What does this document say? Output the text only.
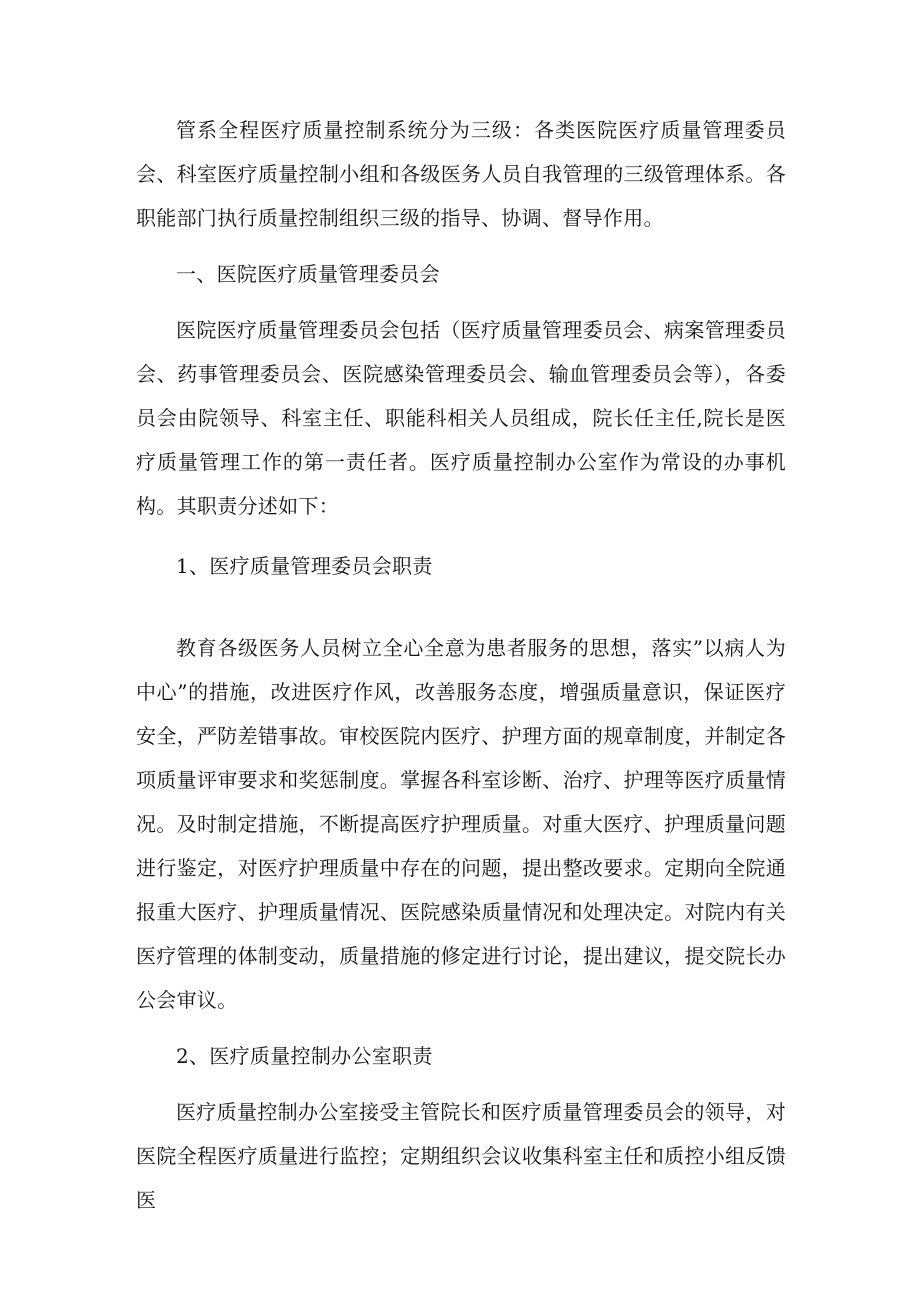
管系全程医疗质量控制系统分为三级：各类医院医疗质量管理委员会、科室医疗质量控制小组和各级医务人员自我管理的三级管理体系。各职能部门执行质量控制组织三级的指导、协调、督导作用。

一、医院医疗质量管理委员会

医院医疗质量管理委员会包括（医疗质量管理委员会、病案管理委员会、药事管理委员会、医院感染管理委员会、输血管理委员会等），各委员会由院领导、科室主任、职能科相关人员组成，院长任主任,院长是医疗质量管理工作的第一责任者。医疗质量控制办公室作为常设的办事机构。其职责分述如下：

1、医疗质量管理委员会职责

教育各级医务人员树立全心全意为患者服务的思想，落实”以病人为中心”的措施，改进医疗作风，改善服务态度，增强质量意识，保证医疗安全，严防差错事故。审校医院内医疗、护理方面的规章制度，并制定各项质量评审要求和奖惩制度。掌握各科室诊断、治疗、护理等医疗质量情况。及时制定措施，不断提高医疗护理质量。对重大医疗、护理质量问题进行鉴定，对医疗护理质量中存在的问题，提出整改要求。定期向全院通报重大医疗、护理质量情况、医院感染质量情况和处理决定。对院内有关医疗管理的体制变动，质量措施的修定进行讨论，提出建议，提交院长办公会审议。

2、医疗质量控制办公室职责

医疗质量控制办公室接受主管院长和医疗质量管理委员会的领导，对医院全程医疗质量进行监控；定期组织会议收集科室主任和质控小组反馈医
